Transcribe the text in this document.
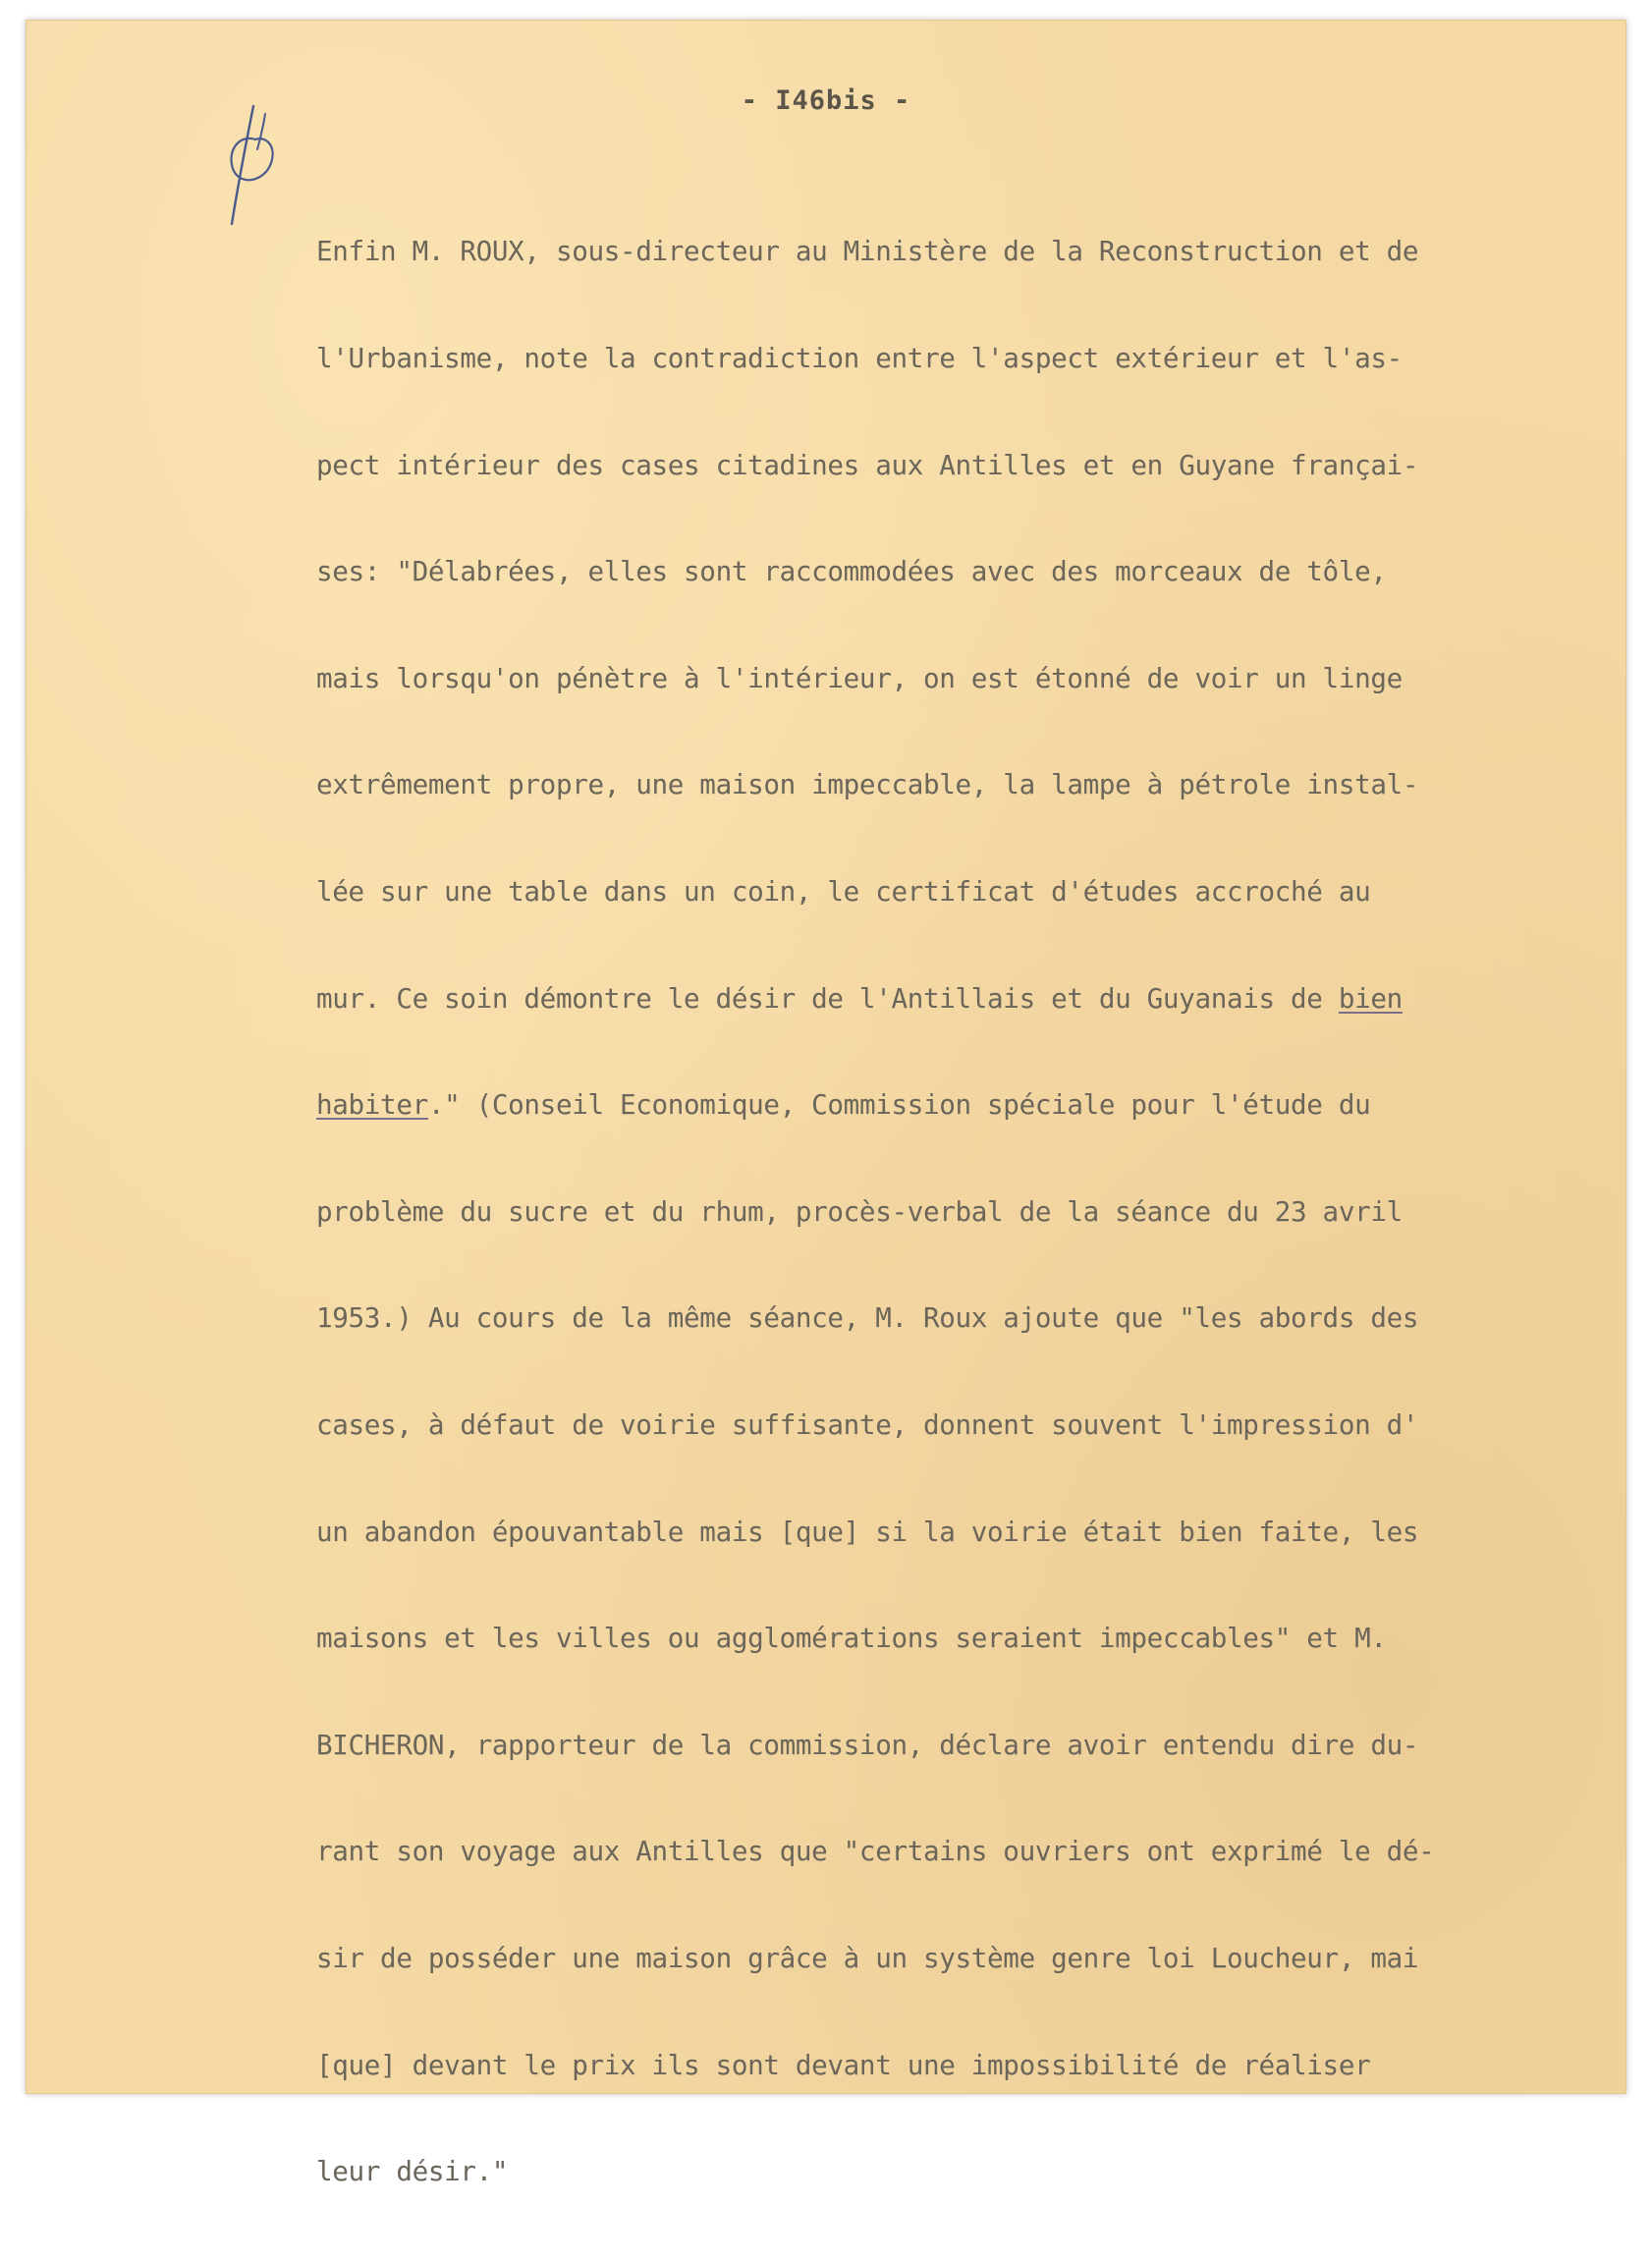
- I46bis -

Enfin M. ROUX, sous-directeur au Ministère de la Reconstruction et de

l'Urbanisme, note la contradiction entre l'aspect extérieur et l'as-

pect intérieur des cases citadines aux Antilles et en Guyane françai-

ses: "Délabrées, elles sont raccommodées avec des morceaux de tôle,

mais lorsqu'on pénètre à l'intérieur, on est étonné de voir un linge

extrêmement propre, une maison impeccable, la lampe à pétrole instal-

lée sur une table dans un coin, le certificat d'études accroché au

mur. Ce soin démontre le désir de l'Antillais et du Guyanais de bien

habiter." (Conseil Economique, Commission spéciale pour l'étude du

problème du sucre et du rhum, procès-verbal de la séance du 23 avril

1953.) Au cours de la même séance, M. Roux ajoute que "les abords des

cases, à défaut de voirie suffisante, donnent souvent l'impression d'

un abandon épouvantable mais [que] si la voirie était bien faite, les

maisons et les villes ou agglomérations seraient impeccables" et M.

BICHERON, rapporteur de la commission, déclare avoir entendu dire du-

rant son voyage aux Antilles que "certains ouvriers ont exprimé le dé-

sir de posséder une maison grâce à un système genre loi Loucheur, mai

[que] devant le prix ils sont devant une impossibilité de réaliser

leur désir."
